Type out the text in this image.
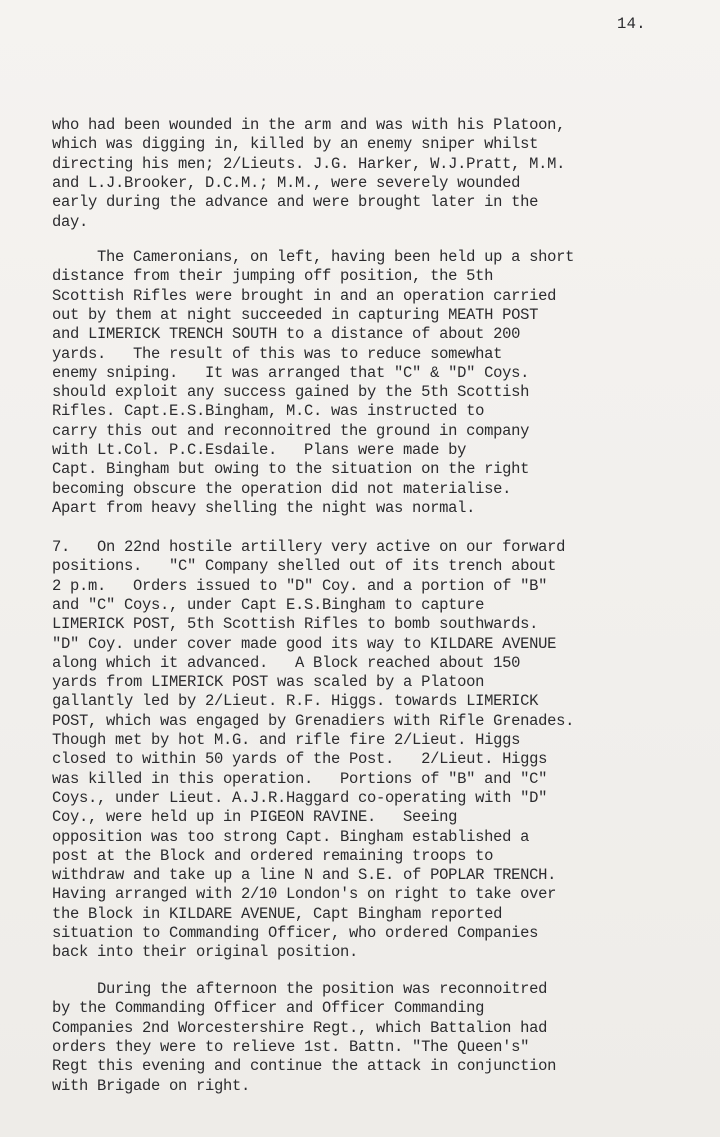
14.
who had been wounded in the arm and was with his Platoon,
which was digging in, killed by an enemy sniper whilst
directing his men; 2/Lieuts. J.G. Harker, W.J.Pratt, M.M.
and L.J.Brooker, D.C.M.; M.M., were severely wounded
early during the advance and were brought later in the
day.
The Cameronians, on left, having been held up a short
distance from their jumping off position, the 5th
Scottish Rifles were brought in and an operation carried
out by them at night succeeded in capturing MEATH POST
and LIMERICK TRENCH SOUTH to a distance of about 200
yards.   The result of this was to reduce somewhat
enemy sniping.   It was arranged that "C" & "D" Coys.
should exploit any success gained by the 5th Scottish
Rifles. Capt.E.S.Bingham, M.C. was instructed to
carry this out and reconnoitred the ground in company
with Lt.Col. P.C.Esdaile.   Plans were made by
Capt. Bingham but owing to the situation on the right
becoming obscure the operation did not materialise.
Apart from heavy shelling the night was normal.
7.   On 22nd hostile artillery very active on our forward
positions.   "C" Company shelled out of its trench about
2 p.m.   Orders issued to "D" Coy. and a portion of "B"
and "C" Coys., under Capt E.S.Bingham to capture
LIMERICK POST, 5th Scottish Rifles to bomb southwards.
"D" Coy. under cover made good its way to KILDARE AVENUE
along which it advanced.   A Block reached about 150
yards from LIMERICK POST was scaled by a Platoon
gallantly led by 2/Lieut. R.F. Higgs. towards LIMERICK
POST, which was engaged by Grenadiers with Rifle Grenades.
Though met by hot M.G. and rifle fire 2/Lieut. Higgs
closed to within 50 yards of the Post.   2/Lieut. Higgs
was killed in this operation.   Portions of "B" and "C"
Coys., under Lieut. A.J.R.Haggard co-operating with "D"
Coy., were held up in PIGEON RAVINE.   Seeing
opposition was too strong Capt. Bingham established a
post at the Block and ordered remaining troops to
withdraw and take up a line N and S.E. of POPLAR TRENCH.
Having arranged with 2/10 London's on right to take over
the Block in KILDARE AVENUE, Capt Bingham reported
situation to Commanding Officer, who ordered Companies
back into their original position.
During the afternoon the position was reconnoitred
by the Commanding Officer and Officer Commanding
Companies 2nd Worcestershire Regt., which Battalion had
orders they were to relieve 1st. Battn. "The Queen's"
Regt this evening and continue the attack in conjunction
with Brigade on right.
